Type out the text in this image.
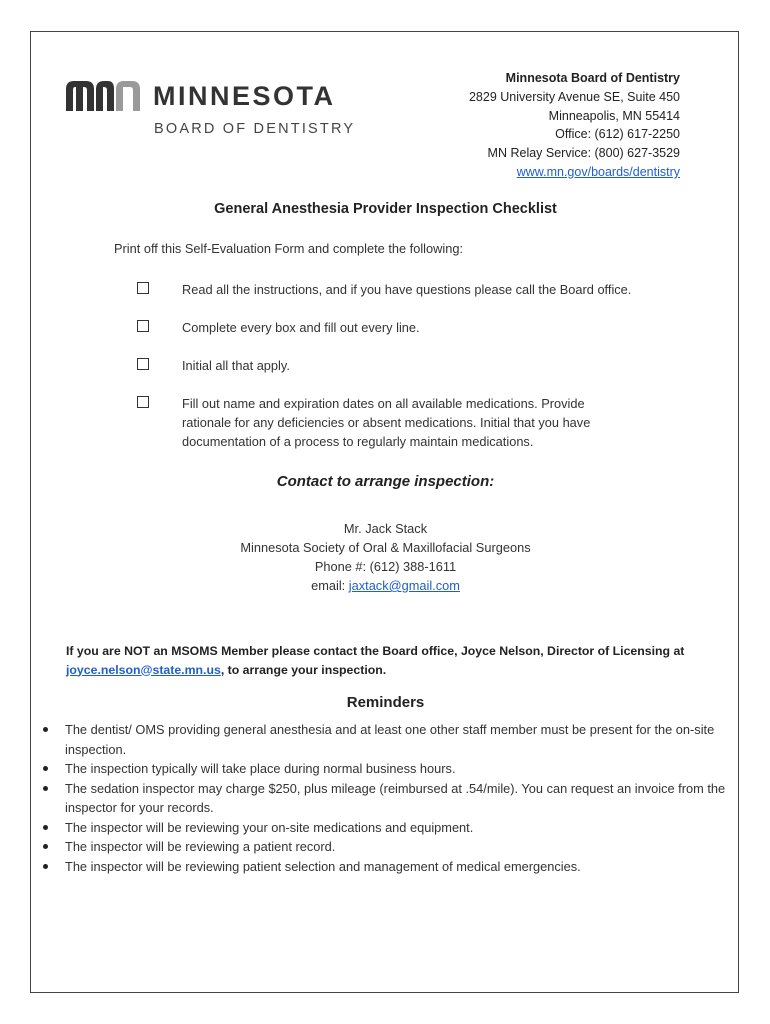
MINNESOTA
BOARD OF DENTISTRY
Minnesota Board of Dentistry
2829 University Avenue SE, Suite 450
Minneapolis, MN 55414
Office: (612) 617-2250
MN Relay Service: (800) 627-3529
www.mn.gov/boards/dentistry
General Anesthesia Provider Inspection Checklist
Print off this Self-Evaluation Form and complete the following:
Read all the instructions, and if you have questions please call the Board office.
Complete every box and fill out every line.
Initial all that apply.
Fill out name and expiration dates on all available medications. Provide rationale for any deficiencies or absent medications. Initial that you have documentation of a process to regularly maintain medications.
Contact to arrange inspection:
Mr. Jack Stack
Minnesota Society of Oral & Maxillofacial Surgeons
Phone #: (612) 388-1611
email: jaxtack@gmail.com
If you are NOT an MSOMS Member please contact the Board office, Joyce Nelson, Director of Licensing at joyce.nelson@state.mn.us, to arrange your inspection.
Reminders
The dentist/ OMS providing general anesthesia and at least one other staff member must be present for the on-site inspection.
The inspection typically will take place during normal business hours.
The sedation inspector may charge $250, plus mileage (reimbursed at .54/mile). You can request an invoice from the inspector for your records.
The inspector will be reviewing your on-site medications and equipment.
The inspector will be reviewing a patient record.
The inspector will be reviewing patient selection and management of medical emergencies.
